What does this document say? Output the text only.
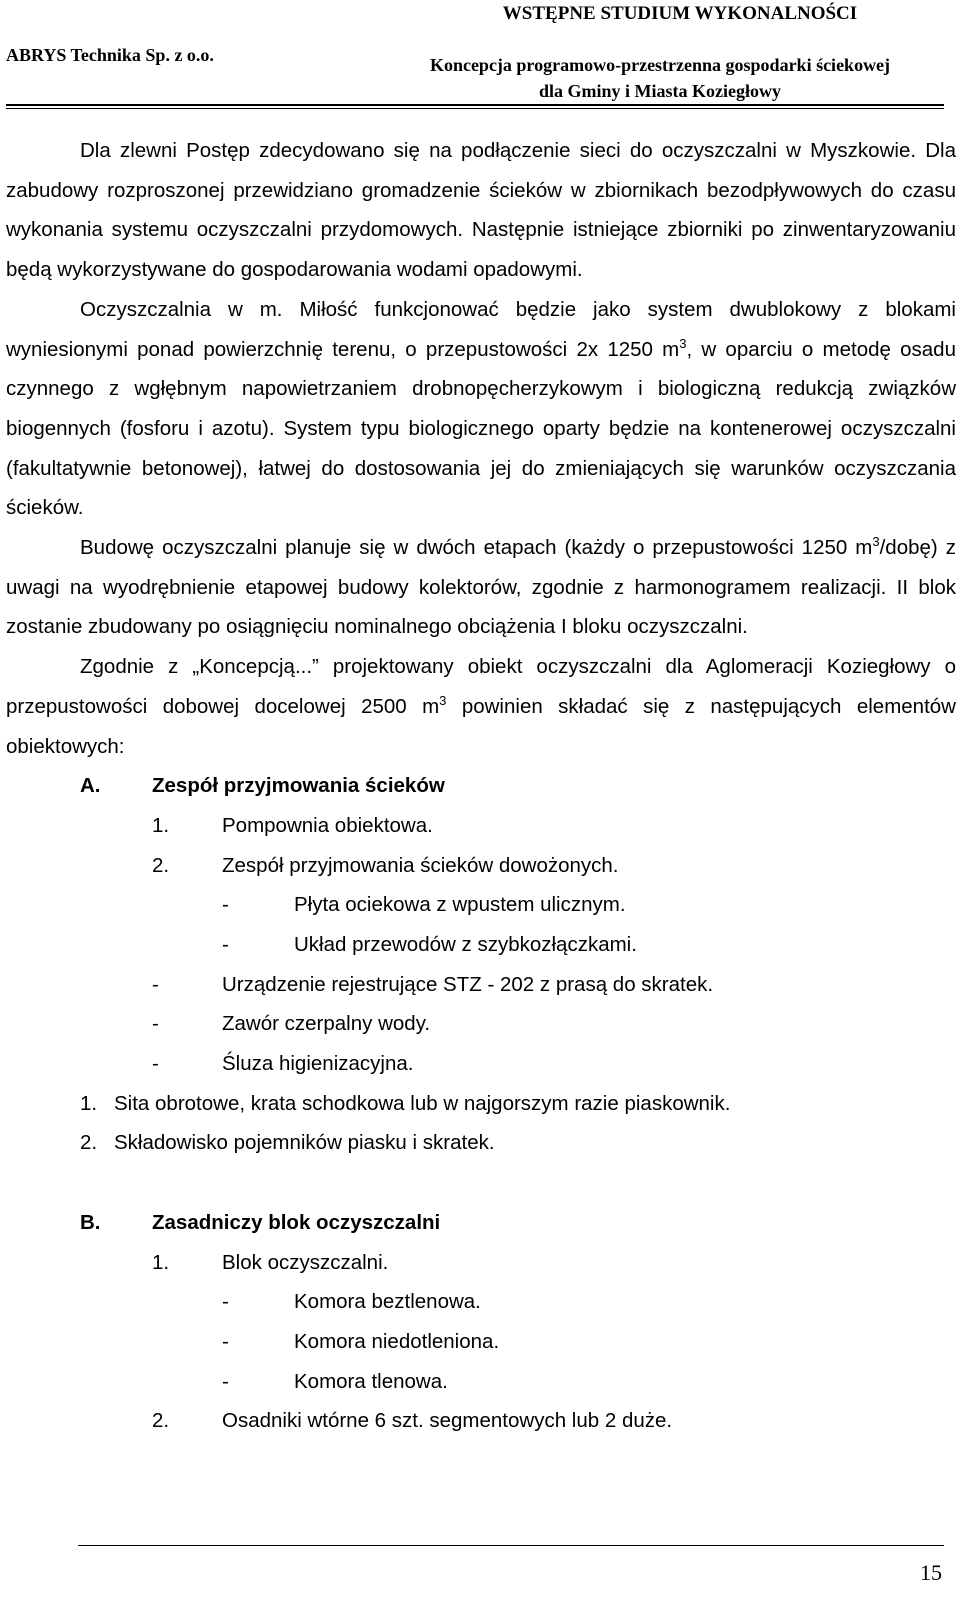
WSTĘPNE STUDIUM WYKONALNOŚCI
ABRYS Technika Sp. z o.o.	Koncepcja programowo-przestrzenna gospodarki ściekowej
dla Gminy i Miasta Koziegłowy

Dla zlewni Postęp zdecydowano się na podłączenie sieci do oczyszczalni w Myszkowie. Dla zabudowy rozproszonej przewidziano gromadzenie ścieków w zbiornikach bezodpływowych do czasu wykonania systemu oczyszczalni przydomowych. Następnie istniejące zbiorniki po zinwentaryzowaniu będą wykorzystywane do gospodarowania wodami opadowymi.

Oczyszczalnia w m. Miłość funkcjonować będzie jako system dwublokowy z blokami wyniesionymi ponad powierzchnię terenu, o przepustowości 2x 1250 $m^3$, w oparciu o metodę osadu czynnego z wgłębnym napowietrzaniem drobnopęcherzykowym i biologiczną redukcją związków biogennych (fosforu i azotu). System typu biologicznego oparty będzie na kontenerowej oczyszczalni (fakultatywnie betonowej), łatwej do dostosowania jej do zmieniających się warunków oczyszczania ścieków.

Budowę oczyszczalni planuje się w dwóch etapach (każdy o przepustowości 1250 $m^3/dobę$) z uwagi na wyodrębnienie etapowej budowy kolektorów, zgodnie z harmonogramem realizacji. II blok zostanie zbudowany po osiągnięciu nominalnego obciążenia I bloku oczyszczalni.

Zgodnie z „Koncepcją...” projektowany obiekt oczyszczalni dla Aglomeracji Koziegłowy o przepustowości dobowej docelowej 2500 $m^3$ powinien składać się z następujących elementów obiektowych:

A.	Zespół przyjmowania ścieków
1.	Pompownia obiektowa.
2.	Zespół przyjmowania ścieków dowożonych.
-	Płyta ociekowa z wpustem ulicznym.
-	Układ przewodów z szybkozłączkami.
-	Urządzenie rejestrujące STZ - 202 z prasą do skratek.
-	Zawór czerpalny wody.
-	Śluza higienizacyjna.
1. Sita obrotowe, krata schodkowa lub w najgorszym razie piaskownik.
2. Składowisko pojemników piasku i skratek.
B.	Zasadniczy blok oczyszczalni
1.	Blok oczyszczalni.
-	Komora beztlenowa.
-	Komora niedotleniona.
-	Komora tlenowa.
2.	Osadniki wtórne 6 szt. segmentowych lub 2 duże.
15
